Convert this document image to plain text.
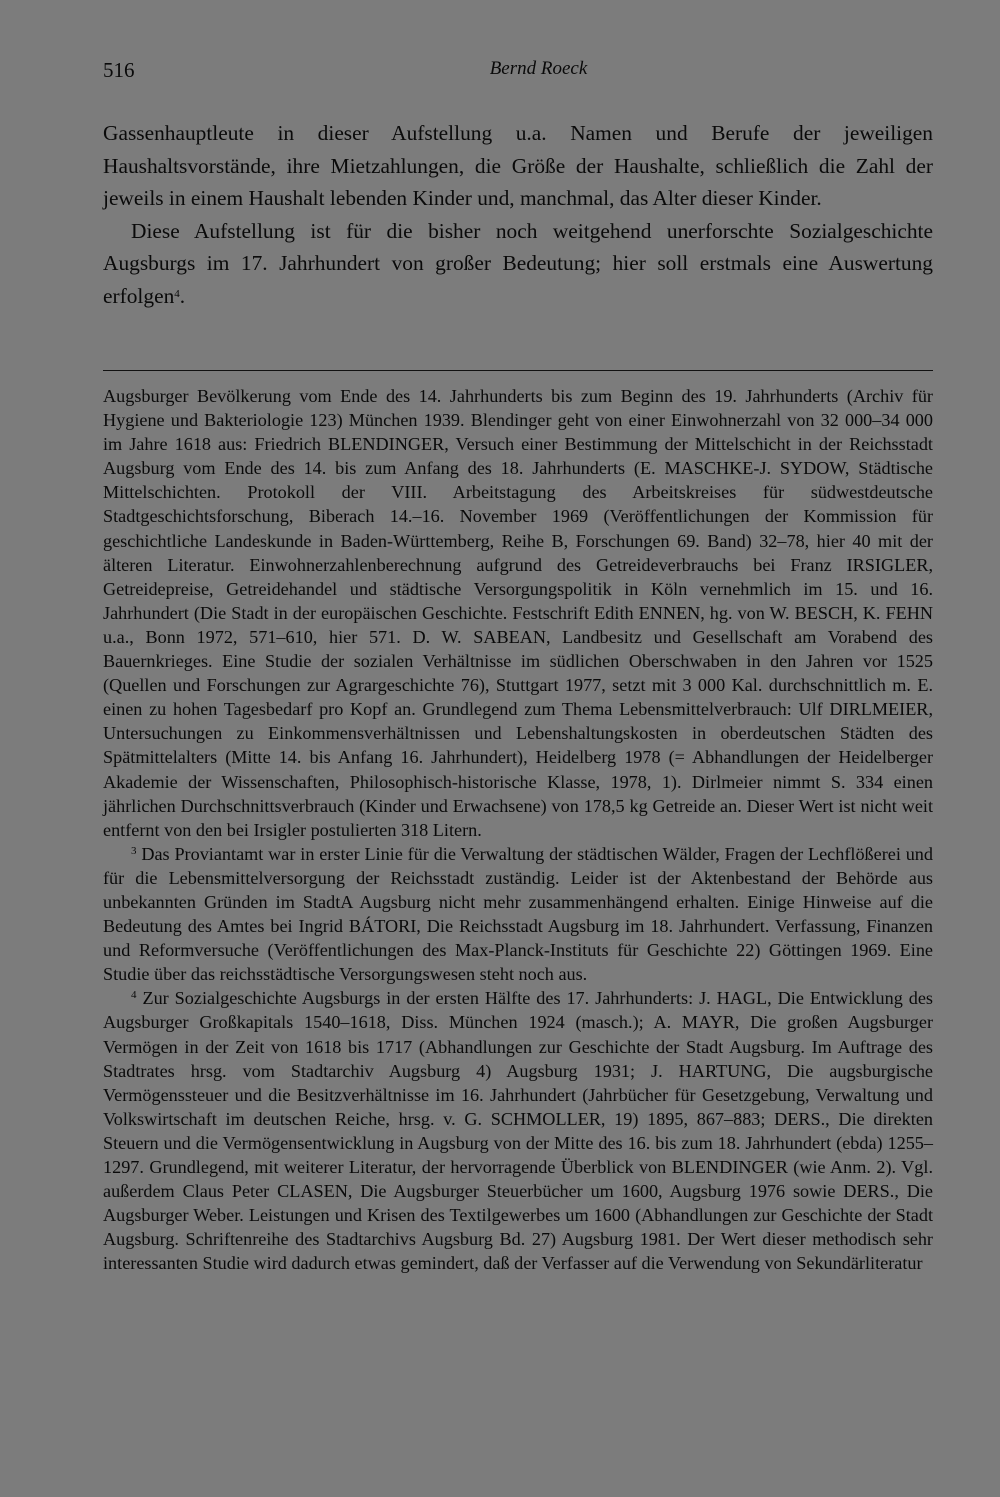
516	Bernd Roeck

Gassenhauptleute in dieser Aufstellung u.a. Namen und Berufe der jeweiligen Haushaltsvorstände, ihre Mietzahlungen, die Größe der Haushalte, schließlich die Zahl der jeweils in einem Haushalt lebenden Kinder und, manchmal, das Alter dieser Kinder.

Diese Aufstellung ist für die bisher noch weitgehend unerforschte Sozialgeschichte Augsburgs im 17. Jahrhundert von großer Bedeutung; hier soll erstmals eine Auswertung erfolgen$^4$.

Augsburger Bevölkerung vom Ende des 14. Jahrhunderts bis zum Beginn des 19. Jahrhunderts (Archiv für Hygiene und Bakteriologie 123) München 1939. Blendinger geht von einer Einwohnerzahl von 32 000–34 000 im Jahre 1618 aus: Friedrich BLENDINGER, Versuch einer Bestimmung der Mittelschicht in der Reichsstadt Augsburg vom Ende des 14. bis zum Anfang des 18. Jahrhunderts (E. MASCHKE-J. SYDOW, Städtische Mittelschichten. Protokoll der VIII. Arbeitstagung des Arbeitskreises für südwestdeutsche Stadtgeschichtsforschung, Biberach 14.–16. November 1969 (Veröffentlichungen der Kommission für geschichtliche Landeskunde in Baden-Württemberg, Reihe B, Forschungen 69. Band) 32–78, hier 40 mit der älteren Literatur. Einwohnerzahlenberechnung aufgrund des Getreideverbrauchs bei Franz IRSIGLER, Getreidepreise, Getreidehandel und städtische Versorgungspolitik in Köln vernehmlich im 15. und 16. Jahrhundert (Die Stadt in der europäischen Geschichte. Festschrift Edith ENNEN, hg. von W. BESCH, K. FEHN u.a., Bonn 1972, 571–610, hier 571. D. W. SABEAN, Landbesitz und Gesellschaft am Vorabend des Bauernkrieges. Eine Studie der sozialen Verhältnisse im südlichen Oberschwaben in den Jahren vor 1525 (Quellen und Forschungen zur Agrargeschichte 76), Stuttgart 1977, setzt mit 3 000 Kal. durchschnittlich m. E. einen zu hohen Tagesbedarf pro Kopf an. Grundlegend zum Thema Lebensmittelverbrauch: Ulf DIRLMEIER, Untersuchungen zu Einkommensverhältnissen und Lebenshaltungskosten in oberdeutschen Städten des Spätmittelalters (Mitte 14. bis Anfang 16. Jahrhundert), Heidelberg 1978 (= Abhandlungen der Heidelberger Akademie der Wissenschaften, Philosophisch-historische Klasse, 1978, 1). Dirlmeier nimmt S. 334 einen jährlichen Durchschnittsverbrauch (Kinder und Erwachsene) von 178,5 kg Getreide an. Dieser Wert ist nicht weit entfernt von den bei Irsigler postulierten 318 Litern.

$^3$ Das Proviantamt war in erster Linie für die Verwaltung der städtischen Wälder, Fragen der Lechflößerei und für die Lebensmittelversorgung der Reichsstadt zuständig. Leider ist der Aktenbestand der Behörde aus unbekannten Gründen im StadtA Augsburg nicht mehr zusammenhängend erhalten. Einige Hinweise auf die Bedeutung des Amtes bei Ingrid BÁTORI, Die Reichsstadt Augsburg im 18. Jahrhundert. Verfassung, Finanzen und Reformversuche (Veröffentlichungen des Max-Planck-Instituts für Geschichte 22) Göttingen 1969. Eine Studie über das reichsstädtische Versorgungswesen steht noch aus.

$^4$ Zur Sozialgeschichte Augsburgs in der ersten Hälfte des 17. Jahrhunderts: J. HAGL, Die Entwicklung des Augsburger Großkapitals 1540–1618, Diss. München 1924 (masch.); A. MAYR, Die großen Augsburger Vermögen in der Zeit von 1618 bis 1717 (Abhandlungen zur Geschichte der Stadt Augsburg. Im Auftrage des Stadtrates hrsg. vom Stadtarchiv Augsburg 4) Augsburg 1931; J. HARTUNG, Die augsburgische Vermögenssteuer und die Besitzverhältnisse im 16. Jahrhundert (Jahrbücher für Gesetzgebung, Verwaltung und Volkswirtschaft im deutschen Reiche, hrsg. v. G. SCHMOLLER, 19) 1895, 867–883; DERS., Die direkten Steuern und die Vermögensentwicklung in Augsburg von der Mitte des 16. bis zum 18. Jahrhundert (ebda) 1255–1297. Grundlegend, mit weiterer Literatur, der hervorragende Überblick von BLENDINGER (wie Anm. 2). Vgl. außerdem Claus Peter CLASEN, Die Augsburger Steuerbücher um 1600, Augsburg 1976 sowie DERS., Die Augsburger Weber. Leistungen und Krisen des Textilgewerbes um 1600 (Abhandlungen zur Geschichte der Stadt Augsburg. Schriftenreihe des Stadtarchivs Augsburg Bd. 27) Augsburg 1981. Der Wert dieser methodisch sehr interessanten Studie wird dadurch etwas gemindert, daß der Verfasser auf die Verwendung von Sekundärliteratur
